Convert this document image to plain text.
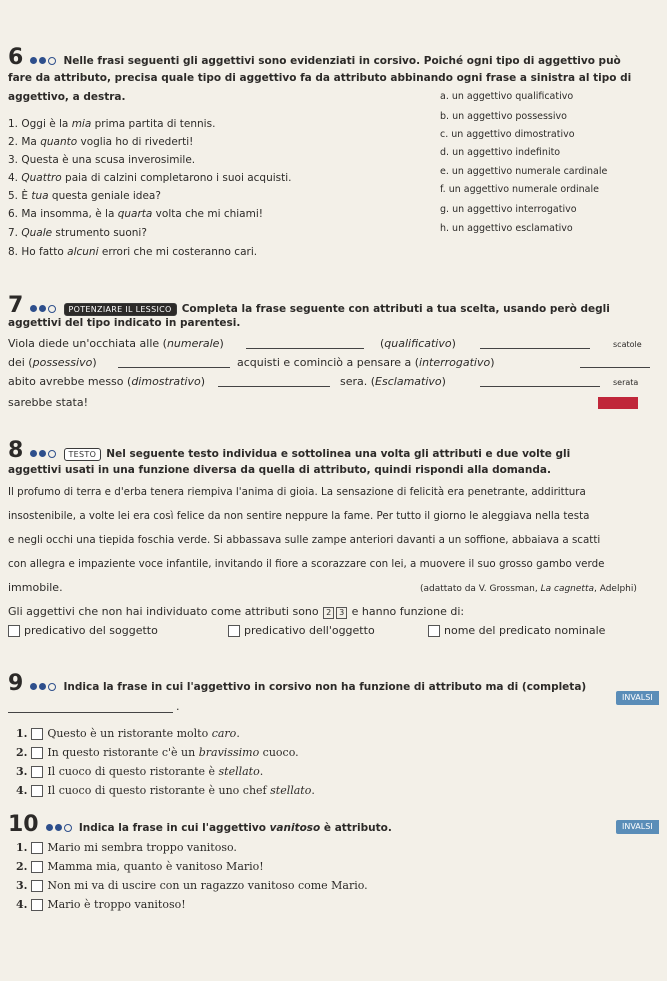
6	Nelle frasi seguenti gli aggettivi sono evidenziati in corsivo. Poiché ogni tipo di aggettivo può
fare da attributo, precisa quale tipo di aggettivo fa da attributo abbinando ogni frase a sinistra al tipo di
aggettivo, a destra.
1. Oggi è la mia prima partita di tennis.
2. Ma quanto voglia ho di rivederti!
3. Questa è una scusa inverosimile.
4. Quattro paia di calzini completarono i suoi acquisti.
5. È tua questa geniale idea?
6. Ma insomma, è la quarta volta che mi chiami!
7. Quale strumento suoni?
8. Ho fatto alcuni errori che mi costeranno cari.
a. un aggettivo qualificativo
b. un aggettivo possessivo
c. un aggettivo dimostrativo
d. un aggettivo indefinito
e. un aggettivo numerale cardinale
f. un aggettivo numerale ordinale
g. un aggettivo interrogativo
h. un aggettivo esclamativo
7	POTENZIARE IL LESSICO Completa la frase seguente con attributi a tua scelta, usando però degli
aggettivi del tipo indicato in parentesi.
Viola diede un'occhiata alle (numerale)	(qualificativo)	scatole
dei (possessivo)	acquisti e cominciò a pensare a (interrogativo)
abito avrebbe messo (dimostrativo)	sera. (Esclamativo)	serata
sarebbe stata!
8	TESTO Nel seguente testo individua e sottolinea una volta gli attributi e due volte gli
aggettivi usati in una funzione diversa da quella di attributo, quindi rispondi alla domanda.
Il profumo di terra e d'erba tenera riempiva l'anima di gioia. La sensazione di felicità era penetrante, addirittura
insostenibile, a volte lei era così felice da non sentire neppure la fame. Per tutto il giorno le aleggiava nella testa
e negli occhi una tiepida foschia verde. Si abbassava sulle zampe anteriori davanti a un soffione, abbaiava a scatti
con allegra e impaziente voce infantile, invitando il fiore a scorazzare con lei, a muovere il suo grosso gambo verde
immobile.	(adattato da V. Grossman, La cagnetta, Adelphi)
Gli aggettivi che non hai individuato come attributi sono 2 3 e hanno funzione di:
predicativo del soggetto	predicativo dell'oggetto	nome del predicato nominale
9	Indica la frase in cui l'aggettivo in corsivo non ha funzione di attributo ma di (completa)
INVALSI
.
1. Questo è un ristorante molto caro.
2. In questo ristorante c'è un bravissimo cuoco.
3. Il cuoco di questo ristorante è stellato.
4. Il cuoco di questo ristorante è uno chef stellato.
10	Indica la frase in cui l'aggettivo vanitoso è attributo.	INVALSI
1. Mario mi sembra troppo vanitoso.
2. Mamma mia, quanto è vanitoso Mario!
3. Non mi va di uscire con un ragazzo vanitoso come Mario.
4. Mario è troppo vanitoso!
